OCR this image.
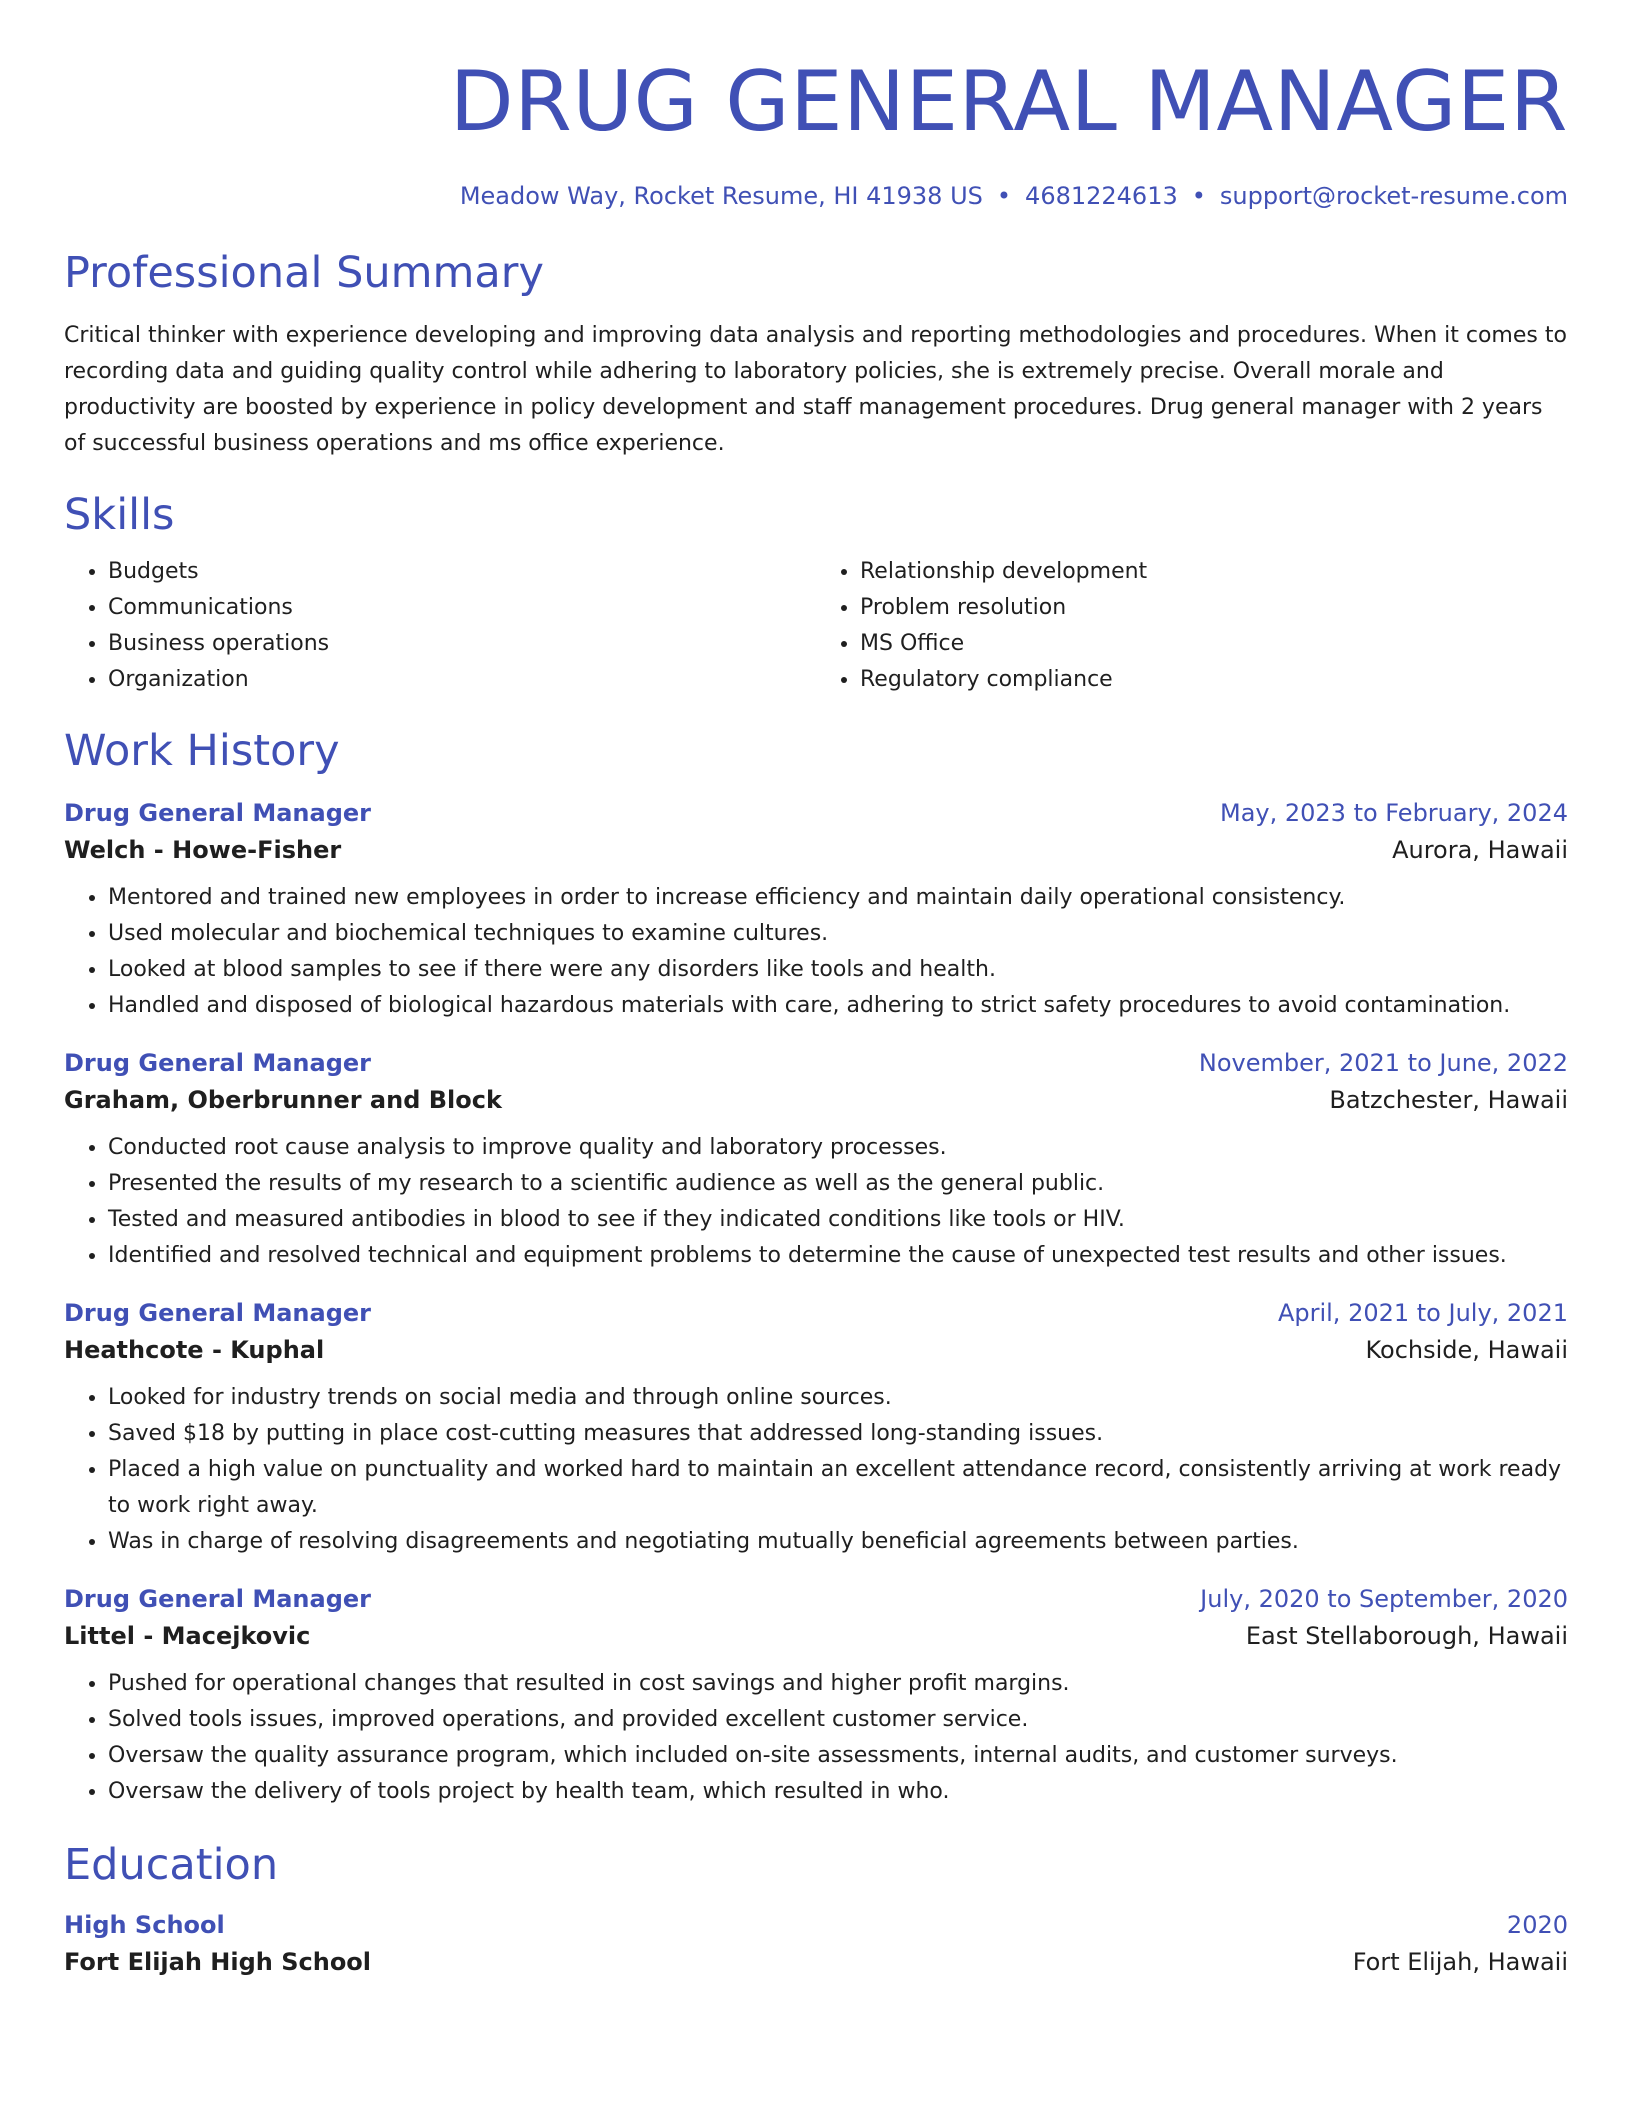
DRUG GENERAL MANAGER
Meadow Way, Rocket Resume, HI 41938 US • 4681224613 • support@rocket-resume.com
Professional Summary

Critical thinker with experience developing and improving data analysis and reporting methodologies and procedures. When it comes to recording data and guiding quality control while adhering to laboratory policies, she is extremely precise. Overall morale and productivity are boosted by experience in policy development and staff management procedures. Drug general manager with 2 years of successful business operations and ms office experience.

Skills
• Budgets
• Communications
• Business operations
• Organization
• Relationship development
• Problem resolution
• MS Office
• Regulatory compliance
Work History
Drug General Manager	May, 2023 to February, 2024
Welch - Howe-Fisher	Aurora, Hawaii
• Mentored and trained new employees in order to increase efficiency and maintain daily operational consistency.
• Used molecular and biochemical techniques to examine cultures.
• Looked at blood samples to see if there were any disorders like tools and health.
• Handled and disposed of biological hazardous materials with care, adhering to strict safety procedures to avoid contamination.
Drug General Manager	November, 2021 to June, 2022
Graham, Oberbrunner and Block	Batzchester, Hawaii
• Conducted root cause analysis to improve quality and laboratory processes.
• Presented the results of my research to a scientific audience as well as the general public.
• Tested and measured antibodies in blood to see if they indicated conditions like tools or HIV.
• Identified and resolved technical and equipment problems to determine the cause of unexpected test results and other issues.
Drug General Manager	April, 2021 to July, 2021
Heathcote - Kuphal	Kochside, Hawaii
• Looked for industry trends on social media and through online sources.
• Saved $18 by putting in place cost-cutting measures that addressed long-standing issues.
• Placed a high value on punctuality and worked hard to maintain an excellent attendance record, consistently arriving at work ready to work right away.
• Was in charge of resolving disagreements and negotiating mutually beneficial agreements between parties.
Drug General Manager	July, 2020 to September, 2020
Littel - Macejkovic	East Stellaborough, Hawaii
• Pushed for operational changes that resulted in cost savings and higher profit margins.
• Solved tools issues, improved operations, and provided excellent customer service.
• Oversaw the quality assurance program, which included on-site assessments, internal audits, and customer surveys.
• Oversaw the delivery of tools project by health team, which resulted in who.
Education
High School	2020
Fort Elijah High School	Fort Elijah, Hawaii
